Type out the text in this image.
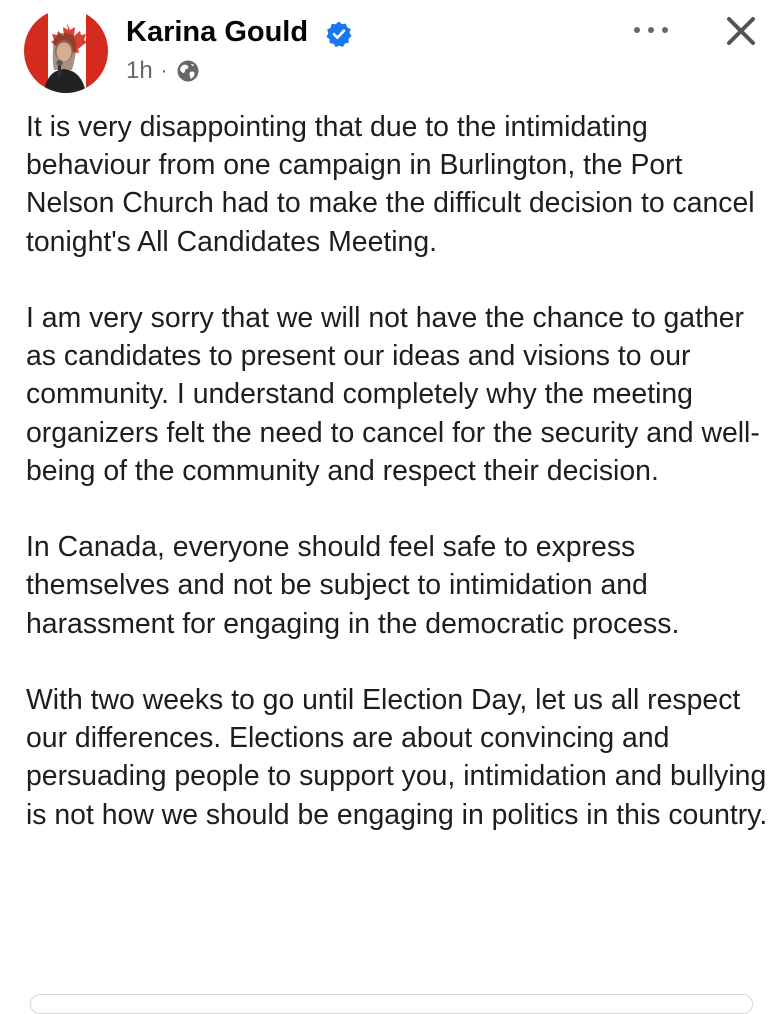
Karina Gould
1h ·

It is very disappointing that due to the intimidating behaviour from one campaign in Burlington, the Port Nelson Church had to make the difficult decision to cancel tonight's All Candidates Meeting.

I am very sorry that we will not have the chance to gather as candidates to present our ideas and visions to our community. I understand completely why the meeting organizers felt the need to cancel for the security and well-being of the community and respect their decision.

In Canada, everyone should feel safe to express themselves and not be subject to intimidation and harassment for engaging in the democratic process.

With two weeks to go until Election Day, let us all respect our differences. Elections are about convincing and persuading people to support you, intimidation and bullying is not how we should be engaging in politics in this country.
